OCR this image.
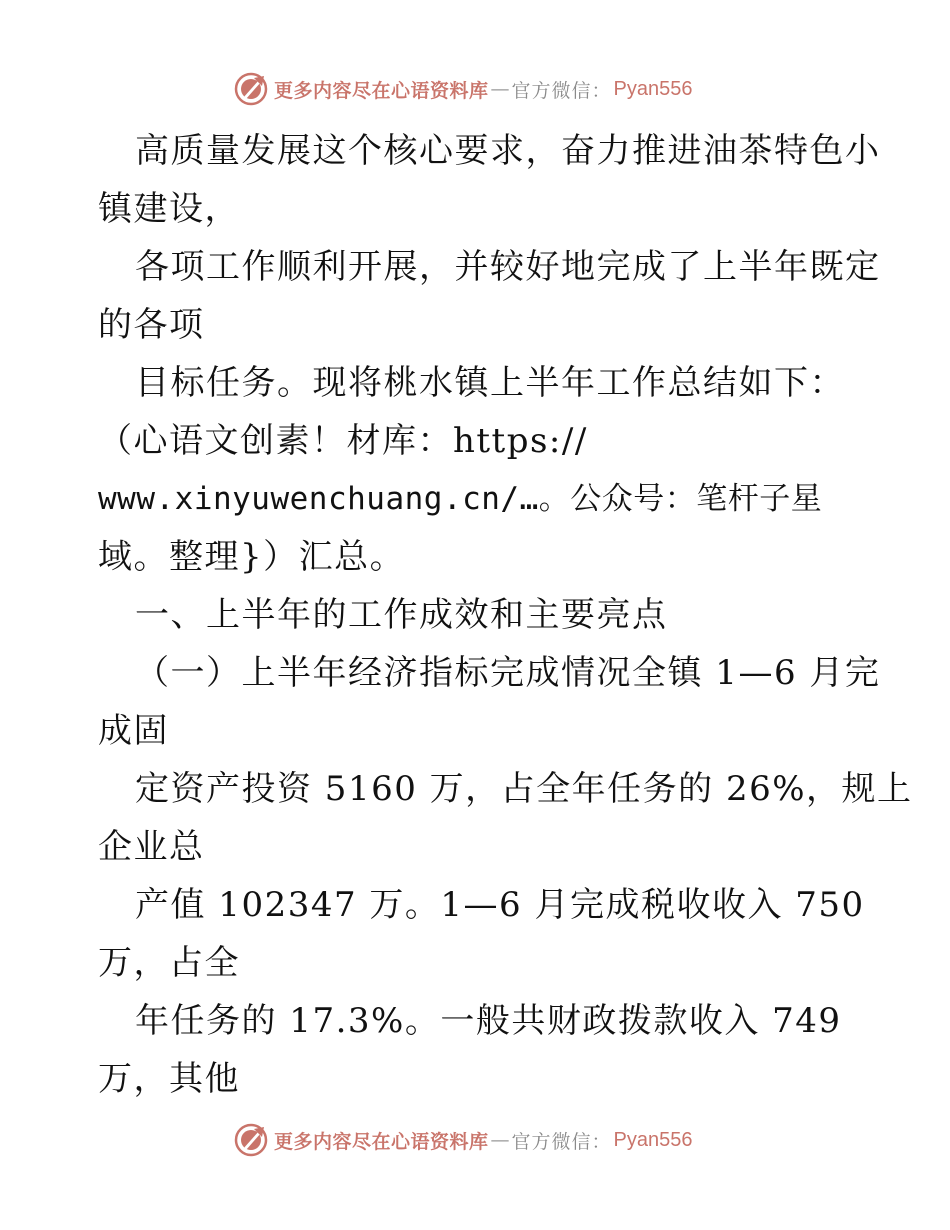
更多内容尽在心语资料库 — 官方微信： Pyan556
高质量发展这个核心要求，奋力推进油茶特色小
镇建设，
各项工作顺利开展，并较好地完成了上半年既定
的各项
目标任务。现将桃水镇上半年工作总结如下：
（心语文创素！材库：https://
www.xinyuwenchuang.cn/…。公众号：笔杆子星
域。整理}）汇总。
一、上半年的工作成效和主要亮点
（一）上半年经济指标完成情况全镇 1—6 月完
成固
定资产投资 5160 万，占全年任务的 26%，规上
企业总
产值 102347 万。1—6 月完成税收收入 750
万，占全
年任务的 17.3%。一般共财政拨款收入 749
万，其他
更多内容尽在心语资料库 — 官方微信： Pyan556
